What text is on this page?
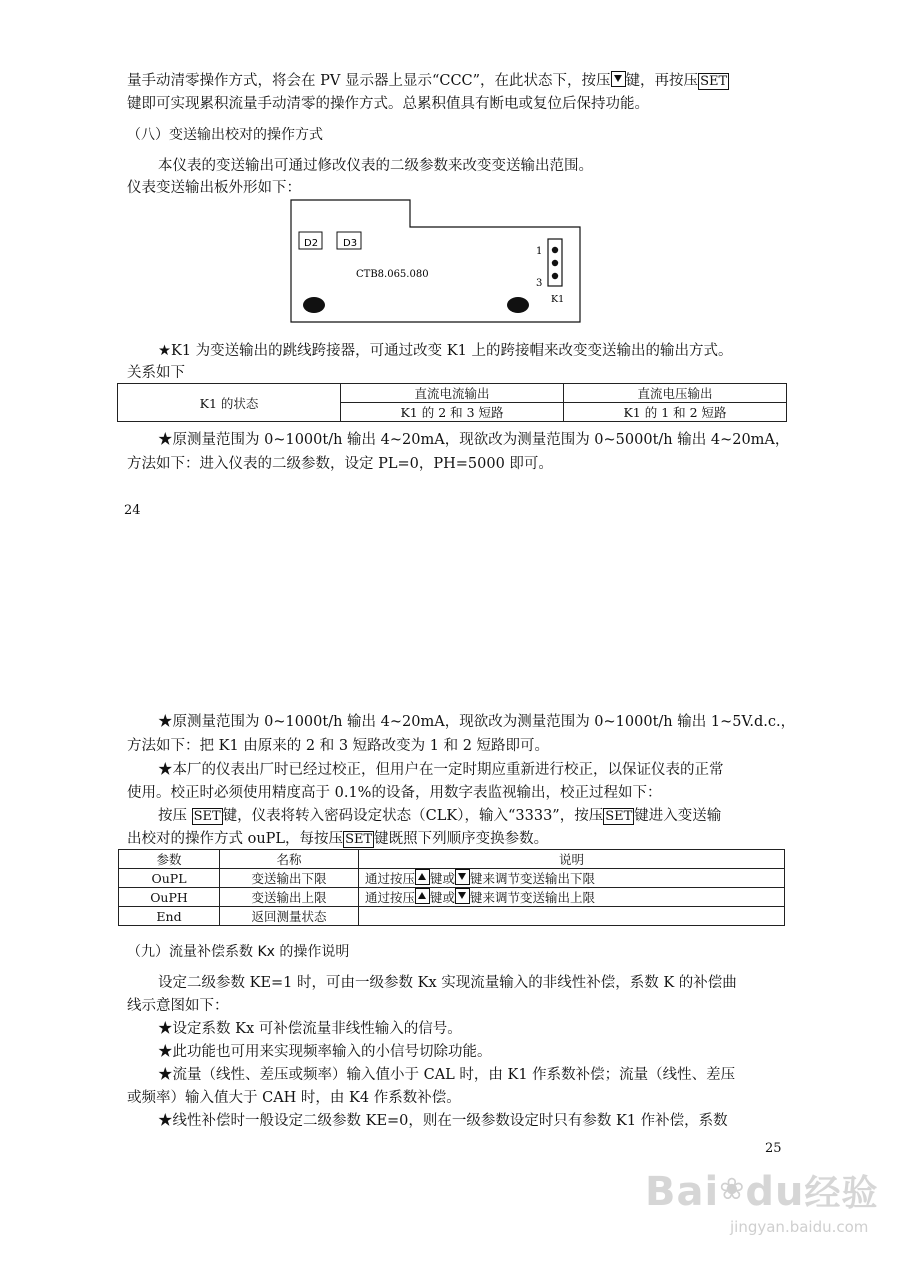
量手动清零操作方式，将会在 PV 显示器上显示“CCC”，在此状态下，按压 键，再按压 SET
键即可实现累积流量手动清零的操作方式。总累积值具有断电或复位后保持功能。
（八）变送输出校对的操作方式
本仪表的变送输出可通过修改仪表的二级参数来改变变送输出范围。
仪表变送输出板外形如下：
D2 D3
CTB8.065.080
1
3
K1
★K1 为变送输出的跳线跨接器，可通过改变 K1 上的跨接帽来改变变送输出的输出方式。
关系如下
K1 的状态	直流电流输出	直流电压输出
	K1 的 2 和 3 短路	K1 的 1 和 2 短路
★原测量范围为 0~1000t/h 输出 4~20mA，现欲改为测量范围为 0~5000t/h 输出 4~20mA，
方法如下：进入仪表的二级参数，设定 PL=0，PH=5000 即可。
24
★原测量范围为 0~1000t/h 输出 4~20mA，现欲改为测量范围为 0~1000t/h 输出 1~5V.d.c.，
方法如下：把 K1 由原来的 2 和 3 短路改变为 1 和 2 短路即可。
★本厂的仪表出厂时已经过校正，但用户在一定时期应重新进行校正，以保证仪表的正常
使用。校正时必须使用精度高于 0.1%的设备，用数字表监视输出，校正过程如下：
按压 SET 键，仪表将转入密码设定状态（CLK），输入“3333”，按压 SET 键进入变送输
出校对的操作方式 ouPL，每按压 SET 键既照下列顺序变换参数。
参数	名称	说明
OuPL	变送输出下限	通过按压 键或 键来调节变送输出下限
OuPH	变送输出上限	通过按压 键或 键来调节变送输出上限
End	返回测量状态	
（九）流量补偿系数 Kx 的操作说明
设定二级参数 KE=1 时，可由一级参数 Kx 实现流量输入的非线性补偿，系数 K 的补偿曲
线示意图如下：
★设定系数 Kx 可补偿流量非线性输入的信号。
★此功能也可用来实现频率输入的小信号切除功能。
★流量（线性、差压或频率）输入值小于 CAL 时，由 K1 作系数补偿；流量（线性、差压
或频率）输入值大于 CAH 时，由 K4 作系数补偿。
★线性补偿时一般设定二级参数 KE=0，则在一级参数设定时只有参数 K1 作补偿，系数
25
Bai❀du经验
jingyan.baidu.com
